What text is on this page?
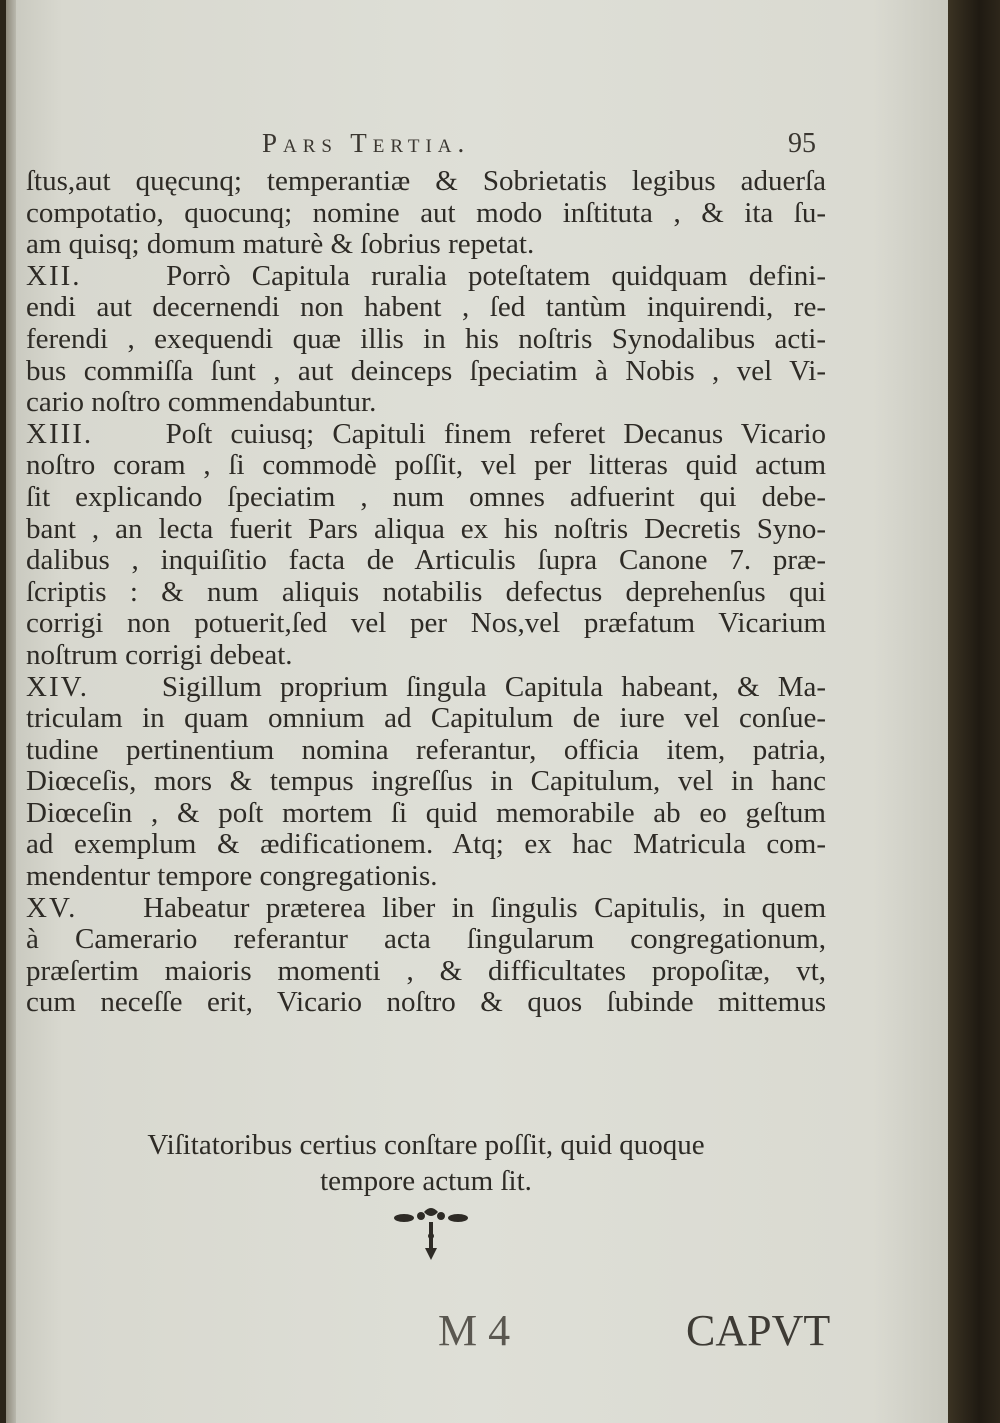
Pars Tertia.	95
ſtus,aut quęcunq; temperantiæ & Sobrietatis legibus aduerſa
compotatio, quocunq; nomine aut modo inſtituta , & ita ſu-
am quisq; domum maturè & ſobrius repetat.
XII.	Porrò Capitula ruralia poteſtatem quidquam defini-
endi aut decernendi non habent , ſed tantùm inquirendi, re-
ferendi , exequendi quæ illis in his noſtris Synodalibus acti-
bus commiſſa ſunt , aut deinceps ſpeciatim à Nobis , vel Vi-
cario noſtro commendabuntur.
XIII. Poſt cuiusq; Capituli finem referet Decanus Vicario
noſtro coram , ſi commodè poſſit, vel per litteras quid actum
ſit explicando ſpeciatim , num omnes adfuerint qui debe-
bant , an lecta fuerit Pars aliqua ex his noſtris Decretis Syno-
dalibus , inquiſitio facta de Articulis ſupra Canone 7. præ-
ſcriptis : & num aliquis notabilis defectus deprehenſus qui
corrigi non potuerit,ſed vel per Nos,vel præfatum Vicarium
noſtrum corrigi debeat.
XIV.	Sigillum proprium ſingula Capitula habeant, & Ma-
triculam in quam omnium ad Capitulum de iure vel conſue-
tudine pertinentium nomina referantur, officia item, patria,
Diœceſis, mors & tempus ingreſſus in Capitulum, vel in hanc
Diœceſin , & poſt mortem ſi quid memorabile ab eo geſtum
ad exemplum & ædificationem. Atq; ex hac Matricula com-
mendentur tempore congregationis.
XV. Habeatur præterea liber in ſingulis Capitulis, in quem
à Camerario referantur acta ſingularum congregationum,
præſertim maioris momenti , & difficultates propoſitæ, vt,
cum neceſſe erit, Vicario noſtro & quos ſubinde mittemus
Viſitatoribus certius conſtare poſſit, quid quoque
tempore actum ſit.
M 4	CAPVT
